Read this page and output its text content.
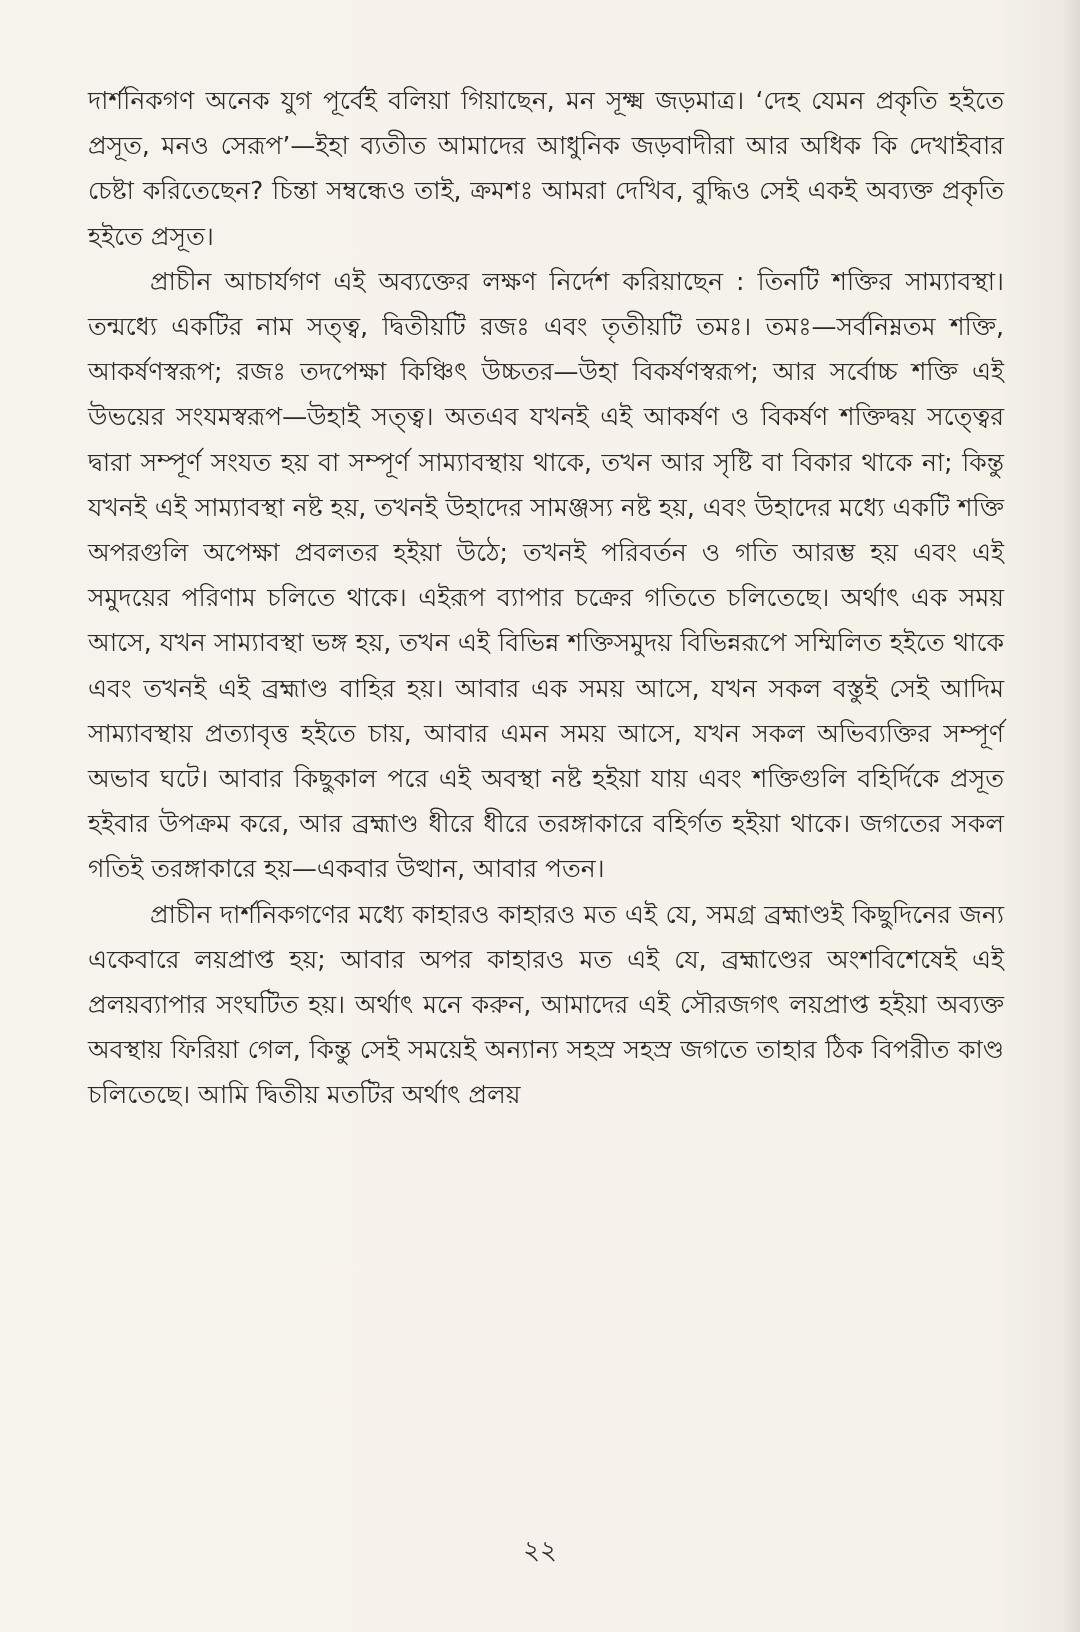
দার্শনিকগণ অনেক যুগ পূর্বেই বলিয়া গিয়াছেন, মন সূক্ষ্ম জড়মাত্র। ‘দেহ যেমন প্রকৃতি হইতে প্রসূত, মনও সেরূপ’—ইহা ব্যতীত আমাদের আধুনিক জড়বাদীরা আর অধিক কি দেখাইবার চেষ্টা করিতেছেন? চিন্তা সম্বন্ধেও তাই, ক্রমশঃ আমরা দেখিব, বুদ্ধিও সেই একই অব্যক্ত প্রকৃতি হইতে প্রসূত।

প্রাচীন আচার্যগণ এই অব্যক্তের লক্ষণ নির্দেশ করিয়াছেন : তিনটি শক্তির সাম্যাবস্থা। তন্মধ্যে একটির নাম সত্ত্ব, দ্বিতীয়টি রজঃ এবং তৃতীয়টি তমঃ। তমঃ—সর্বনিম্নতম শক্তি, আকর্ষণস্বরূপ; রজঃ তদপেক্ষা কিঞ্চিৎ উচ্চতর—উহা বিকর্ষণস্বরূপ; আর সর্বোচ্চ শক্তি এই উভয়ের সংযমস্বরূপ—উহাই সত্ত্ব। অতএব যখনই এই আকর্ষণ ও বিকর্ষণ শক্তিদ্বয় সত্ত্বের দ্বারা সম্পূর্ণ সংযত হয় বা সম্পূর্ণ সাম্যাবস্থায় থাকে, তখন আর সৃষ্টি বা বিকার থাকে না; কিন্তু যখনই এই সাম্যাবস্থা নষ্ট হয়, তখনই উহাদের সামঞ্জস্য নষ্ট হয়, এবং উহাদের মধ্যে একটি শক্তি অপরগুলি অপেক্ষা প্রবলতর হইয়া উঠে; তখনই পরিবর্তন ও গতি আরম্ভ হয় এবং এই সমুদয়ের পরিণাম চলিতে থাকে। এইরূপ ব্যাপার চক্রের গতিতে চলিতেছে। অর্থাৎ এক সময় আসে, যখন সাম্যাবস্থা ভঙ্গ হয়, তখন এই বিভিন্ন শক্তিসমুদয় বিভিন্নরূপে সম্মিলিত হইতে থাকে এবং তখনই এই ব্রহ্মাণ্ড বাহির হয়। আবার এক সময় আসে, যখন সকল বস্তুই সেই আদিম সাম্যাবস্থায় প্রত্যাবৃত্ত হইতে চায়, আবার এমন সময় আসে, যখন সকল অভিব্যক্তির সম্পূর্ণ অভাব ঘটে। আবার কিছুকাল পরে এই অবস্থা নষ্ট হইয়া যায় এবং শক্তিগুলি বহির্দিকে প্রসূত হইবার উপক্রম করে, আর ব্রহ্মাণ্ড ধীরে ধীরে তরঙ্গাকারে বহির্গত হইয়া থাকে। জগতের সকল গতিই তরঙ্গাকারে হয়—একবার উত্থান, আবার পতন।

প্রাচীন দার্শনিকগণের মধ্যে কাহারও কাহারও মত এই যে, সমগ্র ব্রহ্মাণ্ডই কিছুদিনের জন্য একেবারে লয়প্রাপ্ত হয়; আবার অপর কাহারও মত এই যে, ব্রহ্মাণ্ডের অংশবিশেষেই এই প্রলয়ব্যাপার সংঘটিত হয়। অর্থাৎ মনে করুন, আমাদের এই সৌরজগৎ লয়প্রাপ্ত হইয়া অব্যক্ত অবস্থায় ফিরিয়া গেল, কিন্তু সেই সময়েই অন্যান্য সহস্র সহস্র জগতে তাহার ঠিক বিপরীত কাণ্ড চলিতেছে। আমি দ্বিতীয় মতটির অর্থাৎ প্রলয়

২২
